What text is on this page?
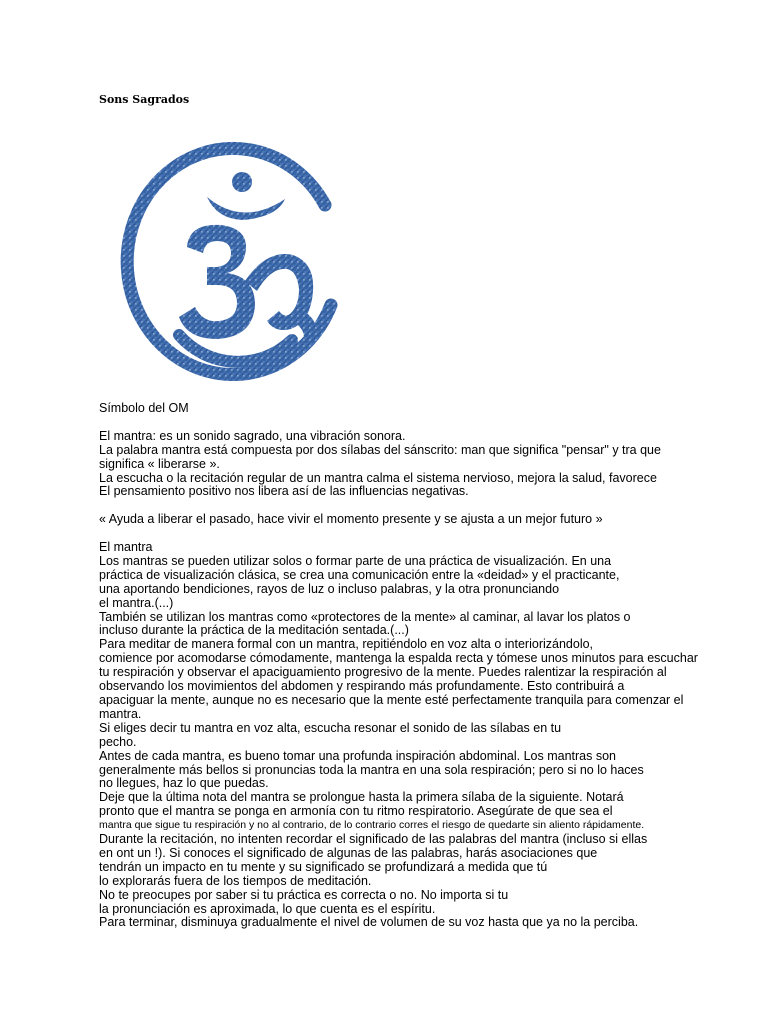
Sons Sagrados
Símbolo del OM
El mantra: es un sonido sagrado, una vibración sonora.
La palabra mantra está compuesta por dos sílabas del sánscrito: man que significa "pensar" y tra que
significa « liberarse ».
La escucha o la recitación regular de un mantra calma el sistema nervioso, mejora la salud, favorece
El pensamiento positivo nos libera así de las influencias negativas.
« Ayuda a liberar el pasado, hace vivir el momento presente y se ajusta a un mejor futuro »
El mantra
Los mantras se pueden utilizar solos o formar parte de una práctica de visualización. En una
práctica de visualización clásica, se crea una comunicación entre la «deidad» y el practicante,
una aportando bendiciones, rayos de luz o incluso palabras, y la otra pronunciando
el mantra.(...)
También se utilizan los mantras como «protectores de la mente» al caminar, al lavar los platos o
incluso durante la práctica de la meditación sentada.(...)
Para meditar de manera formal con un mantra, repitiéndolo en voz alta o interiorizándolo,
comience por acomodarse cómodamente, mantenga la espalda recta y tómese unos minutos para escuchar
tu respiración y observar el apaciguamiento progresivo de la mente. Puedes ralentizar la respiración al
observando los movimientos del abdomen y respirando más profundamente. Esto contribuirá a
apaciguar la mente, aunque no es necesario que la mente esté perfectamente tranquila para comenzar el
mantra.
Si eliges decir tu mantra en voz alta, escucha resonar el sonido de las sílabas en tu
pecho.
Antes de cada mantra, es bueno tomar una profunda inspiración abdominal. Los mantras son
generalmente más bellos si pronuncias toda la mantra en una sola respiración; pero si no lo haces
no llegues, haz lo que puedas.
Deje que la última nota del mantra se prolongue hasta la primera sílaba de la siguiente. Notará
pronto que el mantra se ponga en armonía con tu ritmo respiratorio. Asegúrate de que sea el
mantra que sigue tu respiración y no al contrario, de lo contrario corres el riesgo de quedarte sin aliento rápidamente.
Durante la recitación, no intenten recordar el significado de las palabras del mantra (incluso si ellas
en ont un !). Si conoces el significado de algunas de las palabras, harás asociaciones que
tendrán un impacto en tu mente y su significado se profundizará a medida que tú
lo explorarás fuera de los tiempos de meditación.
No te preocupes por saber si tu práctica es correcta o no. No importa si tu
la pronunciación es aproximada, lo que cuenta es el espíritu.
Para terminar, disminuya gradualmente el nivel de volumen de su voz hasta que ya no la perciba.
